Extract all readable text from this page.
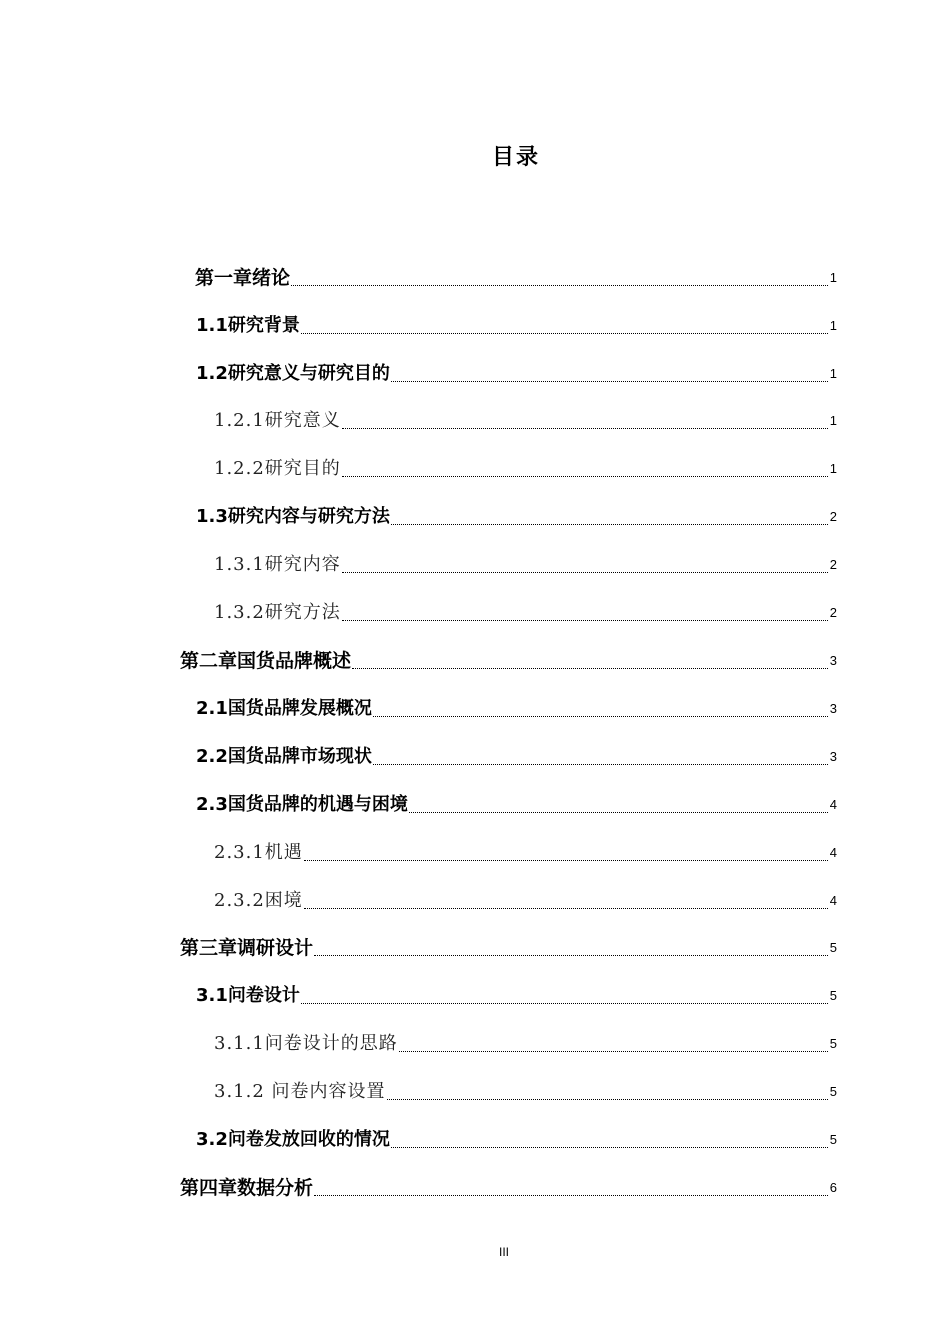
目录
第一章绪论	1
1.1研究背景	1
1.2研究意义与研究目的	1
1.2.1研究意义	1
1.2.2研究目的	1
1.3研究内容与研究方法	2
1.3.1研究内容	2
1.3.2研究方法	2
第二章国货品牌概述	3
2.1国货品牌发展概况	3
2.2国货品牌市场现状	3
2.3国货品牌的机遇与困境	4
2.3.1机遇	4
2.3.2困境	4
第三章调研设计	5
3.1问卷设计	5
3.1.1问卷设计的思路	5
3.1.2 问卷内容设置	5
3.2问卷发放回收的情况	5
第四章数据分析	6
III
